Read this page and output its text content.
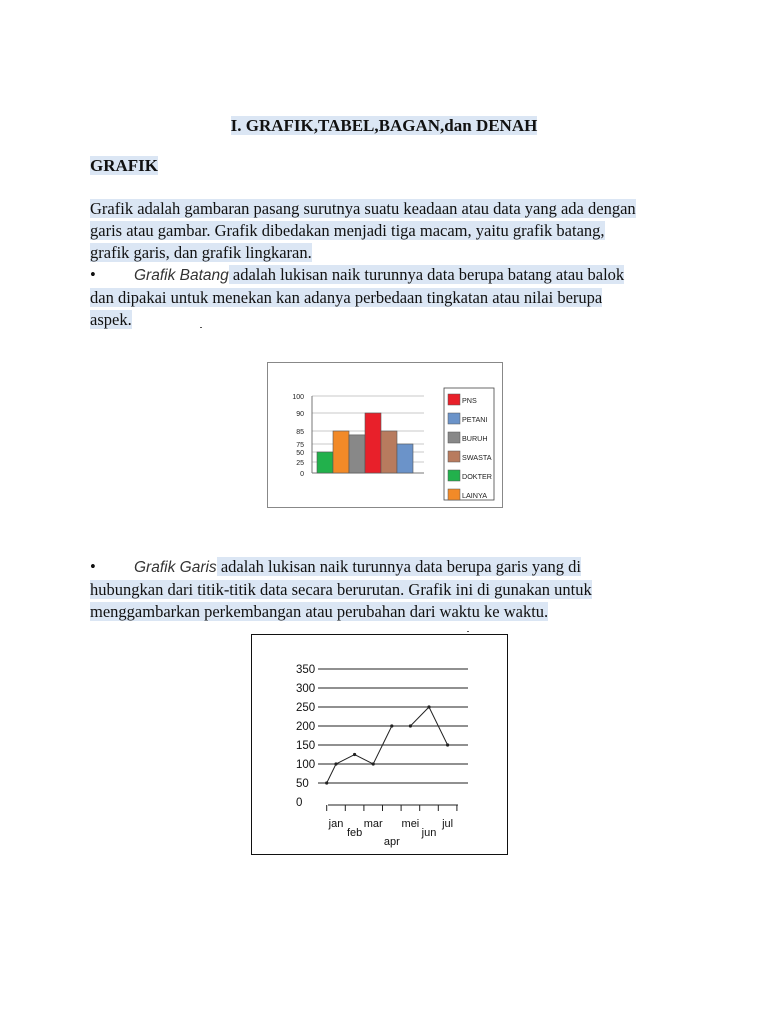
I. GRAFIK,TABEL,BAGAN,dan DENAH
GRAFIK
Grafik adalah gambaran pasang surutnya suatu keadaan atau data yang ada dengan
garis atau gambar. Grafik dibedakan menjadi tiga macam, yaitu grafik batang,
grafik garis, dan grafik lingkaran.
• Grafik Batang adalah lukisan naik turunnya data berupa batang atau balok
dan dipakai untuk menekan kan adanya perbedaan tingkatan atau nilai berupa
aspek.
0
25
50
75
85
90
100	PNS
PETANI
BURUH
SWASTA
DOKTER
LAINYA
• Grafik Garis adalah lukisan naik turunnya data berupa garis yang di
hubungkan dari titik-titik data secara berurutan. Grafik ini di gunakan untuk
menggambarkan perkembangan atau perubahan dari waktu ke waktu.
0
50
100
150
200
250
300
350
jan
feb
mar
apr
mei
jun
jul
